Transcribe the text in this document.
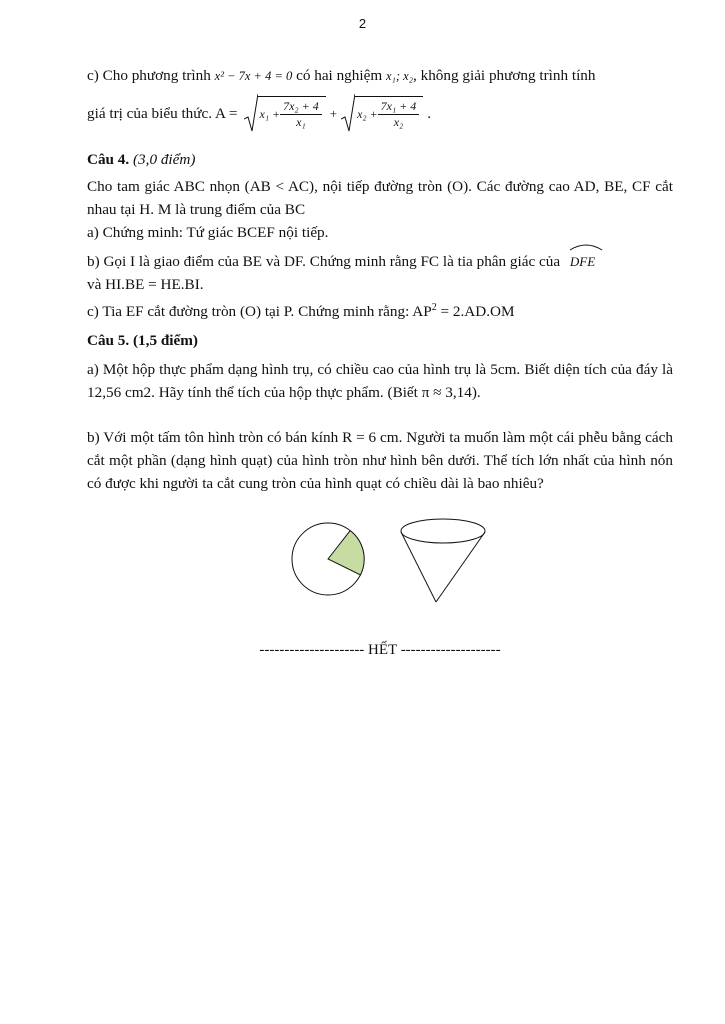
2

c) Cho phương trình x² − 7x + 4 = 0 có hai nghiệm x₁; x₂, không giải phương trình tính

giá trị của biểu thức. $A = x_1 + \frac{\text{7x₂ + 4}}{\text{x₁}} + x_2 + \frac{\text{7x₁ + 4}}{\text{x₂}}$ .

Câu 4. (3,0 điểm)

Cho tam giác ABC nhọn (AB < AC), nội tiếp đường tròn (O). Các đường cao AD, BE, CF cắt nhau tại H. M là trung điểm của BC

a) Chứng minh: Tứ giác BCEF nội tiếp.

b) Gọi I là giao điểm của BE và DF. Chứng minh rằng FC là tia phân giác của DFE

và HI.BE = HE.BI.

c) Tia EF cắt đường tròn (O) tại P. Chứng minh rằng: $AP^2 = 2.AD.OM$

Câu 5. (1,5 điểm)

a) Một hộp thực phẩm dạng hình trụ, có chiều cao của hình trụ là 5cm. Biết diện tích của đáy là 12,56 cm2. Hãy tính thể tích của hộp thực phẩm. (Biết π ≈ 3,14).

b) Với một tấm tôn hình tròn có bán kính R = 6 cm. Người ta muốn làm một cái phễu bằng cách cắt một phần (dạng hình quạt) của hình tròn như hình bên dưới. Thể tích lớn nhất của hình nón có được khi người ta cắt cung tròn của hình quạt có chiều dài là bao nhiêu?

--------------------- HẾT --------------------
